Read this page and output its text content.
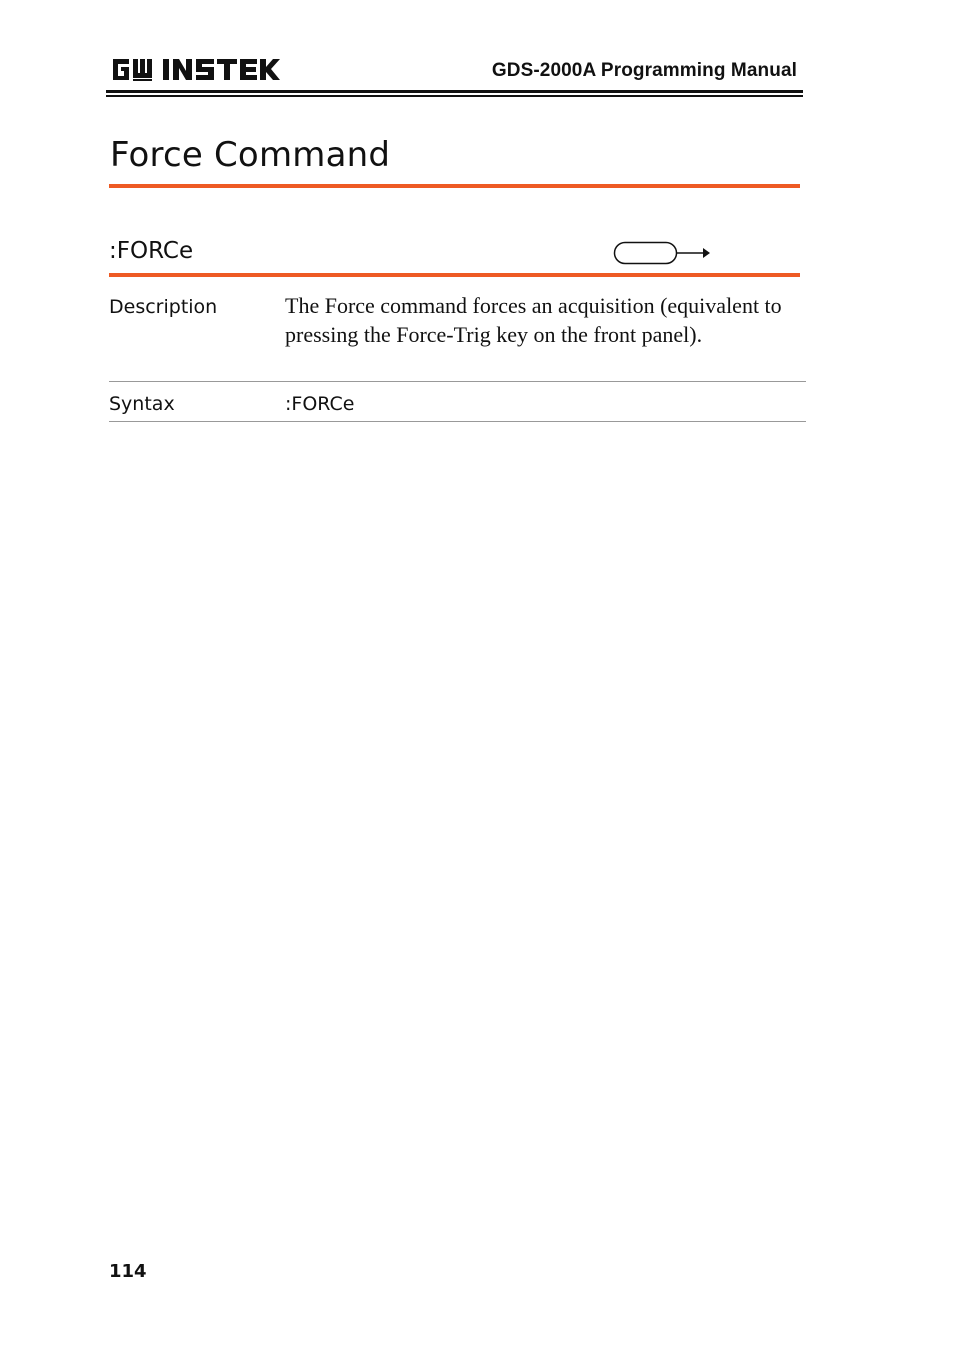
GDS-2000A Programming Manual
Force Command
:FORCe
Description	The Force command forces an acquisition (equivalent to pressing the Force-Trig key on the front panel).
Syntax	:FORCe
114
